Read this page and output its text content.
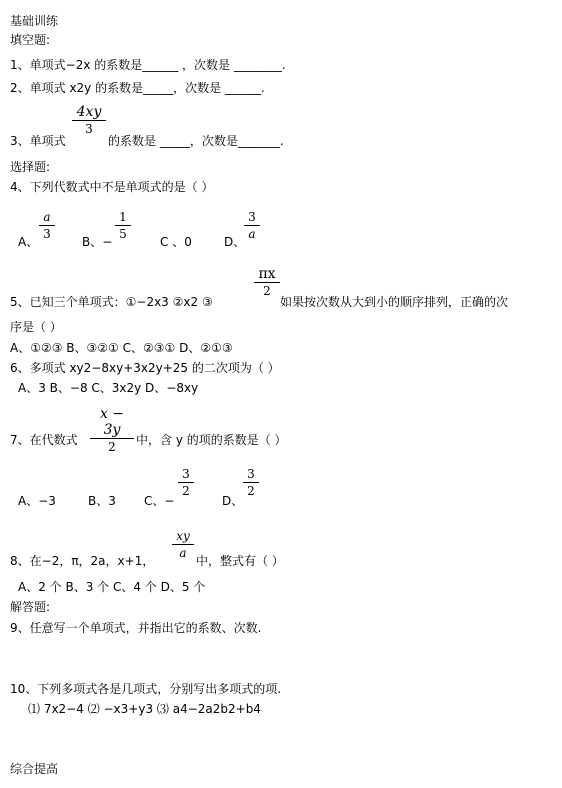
基础训练
填空题:
1、单项式−2x 的系数是______ ，次数是 ________.
2、单项式 x2y 的系数是_____，次数是 ______.
3、单项式
$\frac{4xy}{3}$
的系数是 _____，次数是_______.
选择题:
4、下列代数式中不是单项式的是（ ）
A、 $\frac{a}{3}$ B、− $\frac{1}{5}$ C 、0	D、
$\frac{3}{a}$
5、已知三个单项式：①−2x3 ②x2 ③
$\frac{\pi x}{2}$
如果按次数从大到小的顺序排列，正确的次
序是（ ）
A、①②③ B、③②① C、②③① D、②①③
6、多项式 xy2−8xy+3x2y+25 的二次项为（ ）
A、3 B、−8 C、3x2y D、−8xy
7、在代数式 $\frac{x - 3y}{2}$ 中，含 y 的项的系数是（ ）
A、−3	B、3 C、−
$\frac{3}{2}$
D、
$\frac{3}{2}$
8、在−2，π，2a，x+1， $\frac{xy}{a}$ 中，整式有（ ）
A、2 个 B、3 个 C、4 个 D、5 个
解答题:
9、任意写一个单项式，并指出它的系数、次数.
10、下列多项式各是几项式，分别写出多项式的项.
⑴ 7x2−4 ⑵ −x3+y3 ⑶ a4−2a2b2+b4
综合提高
